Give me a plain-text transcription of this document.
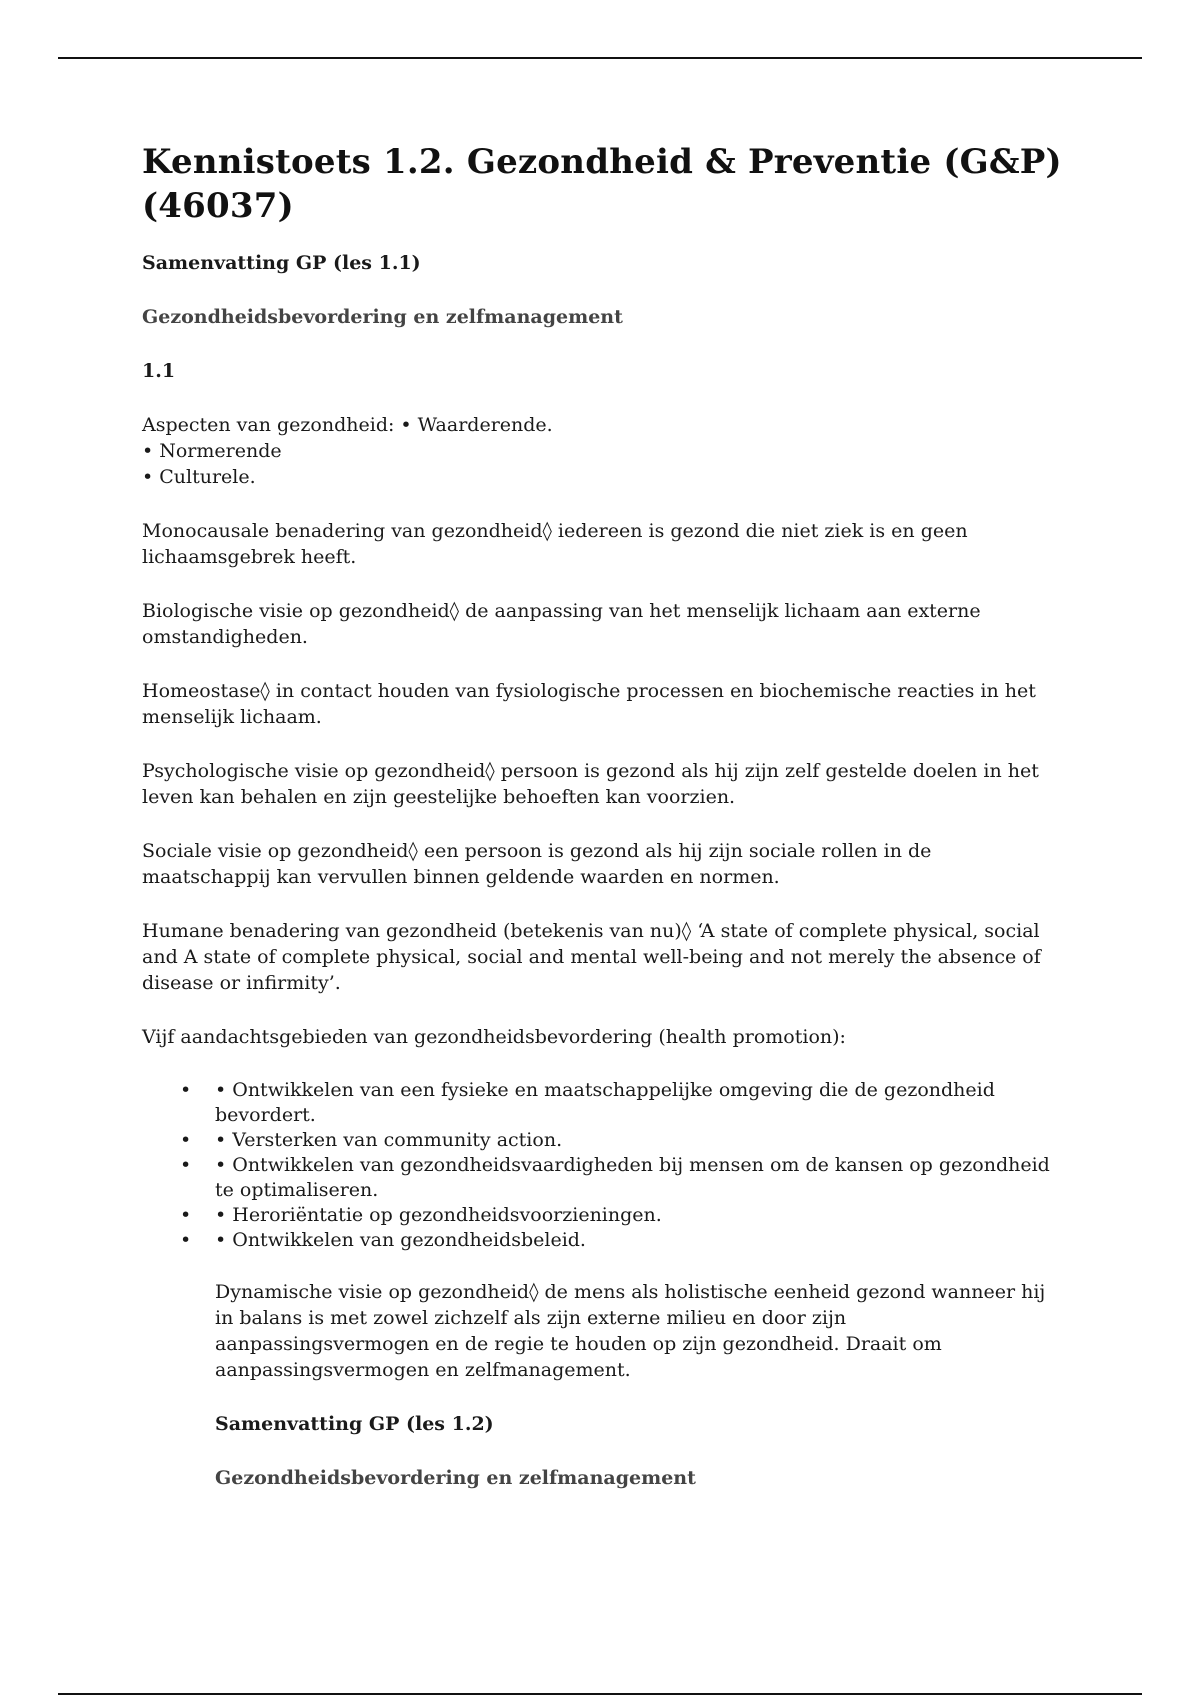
Kennistoets 1.2. Gezondheid & Preventie (G&P) (46037)
Samenvatting GP (les 1.1)
Gezondheidsbevordering en zelfmanagement
1.1

Aspecten van gezondheid: • Waarderende.
• Normerende
• Culturele.

Monocausale benadering van gezondheid◊ iedereen is gezond die niet ziek is en geen lichaamsgebrek heeft.

Biologische visie op gezondheid◊ de aanpassing van het menselijk lichaam aan externe omstandigheden.

Homeostase◊ in contact houden van fysiologische processen en biochemische reacties in het menselijk lichaam.

Psychologische visie op gezondheid◊ persoon is gezond als hij zijn zelf gestelde doelen in het leven kan behalen en zijn geestelijke behoeften kan voorzien.

Sociale visie op gezondheid◊ een persoon is gezond als hij zijn sociale rollen in de maatschappij kan vervullen binnen geldende waarden en normen.

Humane benadering van gezondheid (betekenis van nu)◊ ‘A state of complete physical, social and A state of complete physical, social and mental well-being and not merely the absence of disease or infirmity’.

Vijf aandachtsgebieden van gezondheidsbevordering (health promotion):

• • Ontwikkelen van een fysieke en maatschappelijke omgeving die de gezondheid bevordert.
• • Versterken van community action.
• • Ontwikkelen van gezondheidsvaardigheden bij mensen om de kansen op gezondheid te optimaliseren.
• • Heroriëntatie op gezondheidsvoorzieningen.
• • Ontwikkelen van gezondheidsbeleid.

Dynamische visie op gezondheid◊ de mens als holistische eenheid gezond wanneer hij in balans is met zowel zichzelf als zijn externe milieu en door zijn aanpassingsvermogen en de regie te houden op zijn gezondheid. Draait om aanpassingsvermogen en zelfmanagement.

Samenvatting GP (les 1.2)
Gezondheidsbevordering en zelfmanagement
